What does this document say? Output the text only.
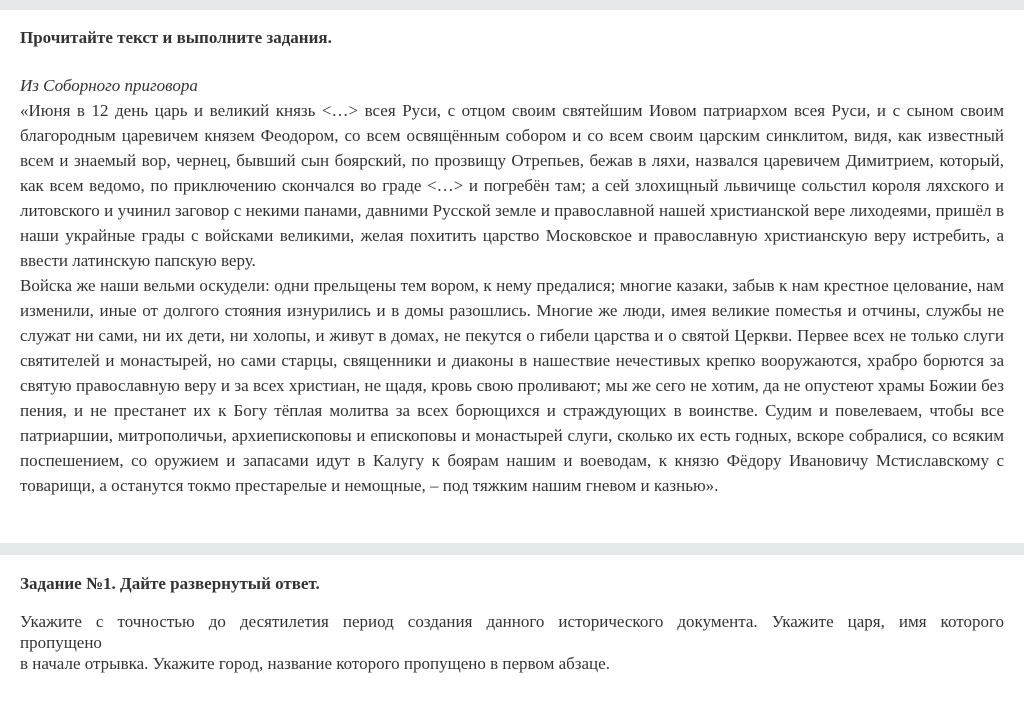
Прочитайте текст и выполните задания.

Из Соборного приговора

«Июня в 12 день царь и великий князь <…> всея Руси, с отцом своим святейшим Иовом патриархом всея Руси, и с сыном своим благородным царевичем князем Феодором, со всем освящённым собором и со всем своим царским синклитом, видя, как известный всем и знаемый вор, чернец, бывший сын боярский, по прозвищу Отрепьев, бежав в ляхи, назвался царевичем Димитрием, который, как всем ведомо, по приключению скончался во граде <…> и погребён там; а сей злохищный львичище сольстил короля ляхского и литовского и учинил заговор с некими панами, давними Русской земле и православной нашей христианской вере лиходеями, пришёл в наши украйные грады с войсками великими, желая похитить царство Московское и православную христианскую веру истребить, а ввести латинскую папскую веру.

Войска же наши вельми оскудели: одни прельщены тем вором, к нему предалися; многие казаки, забыв к нам крестное целование, нам изменили, иные от долгого стояния изнурились и в домы разошлись. Многие же люди, имея великие поместья и отчины, службы не служат ни сами, ни их дети, ни холопы, и живут в домах, не пекутся о гибели царства и о святой Церкви. Первее всех не только слуги святителей и монастырей, но сами старцы, священники и диаконы в нашествие нечестивых крепко вооружаются, храбро борются за святую православную веру и за всех христиан, не щадя, кровь свою проливают; мы же сего не хотим, да не опустеют храмы Божии без пения, и не престанет их к Богу тёплая молитва за всех борющихся и страждующих в воинстве. Судим и повелеваем, чтобы все патриаршии, митрополичьи, архиепископовы и епископовы и монастырей слуги, сколько их есть годных, вскоре собралися, со всяким поспешением, со оружием и запасами идут в Калугу к боярам нашим и воеводам, к князю Фёдору Ивановичу Мстиславскому с товарищи, а останутся токмо престарелые и немощные, – под тяжким нашим гневом и казнью».

Задание №1. Дайте развернутый ответ.

Укажите с точностью до десятилетия период создания данного исторического документа. Укажите царя, имя которого

пропущено

в начале отрывка. Укажите город, название которого пропущено в первом абзаце.
